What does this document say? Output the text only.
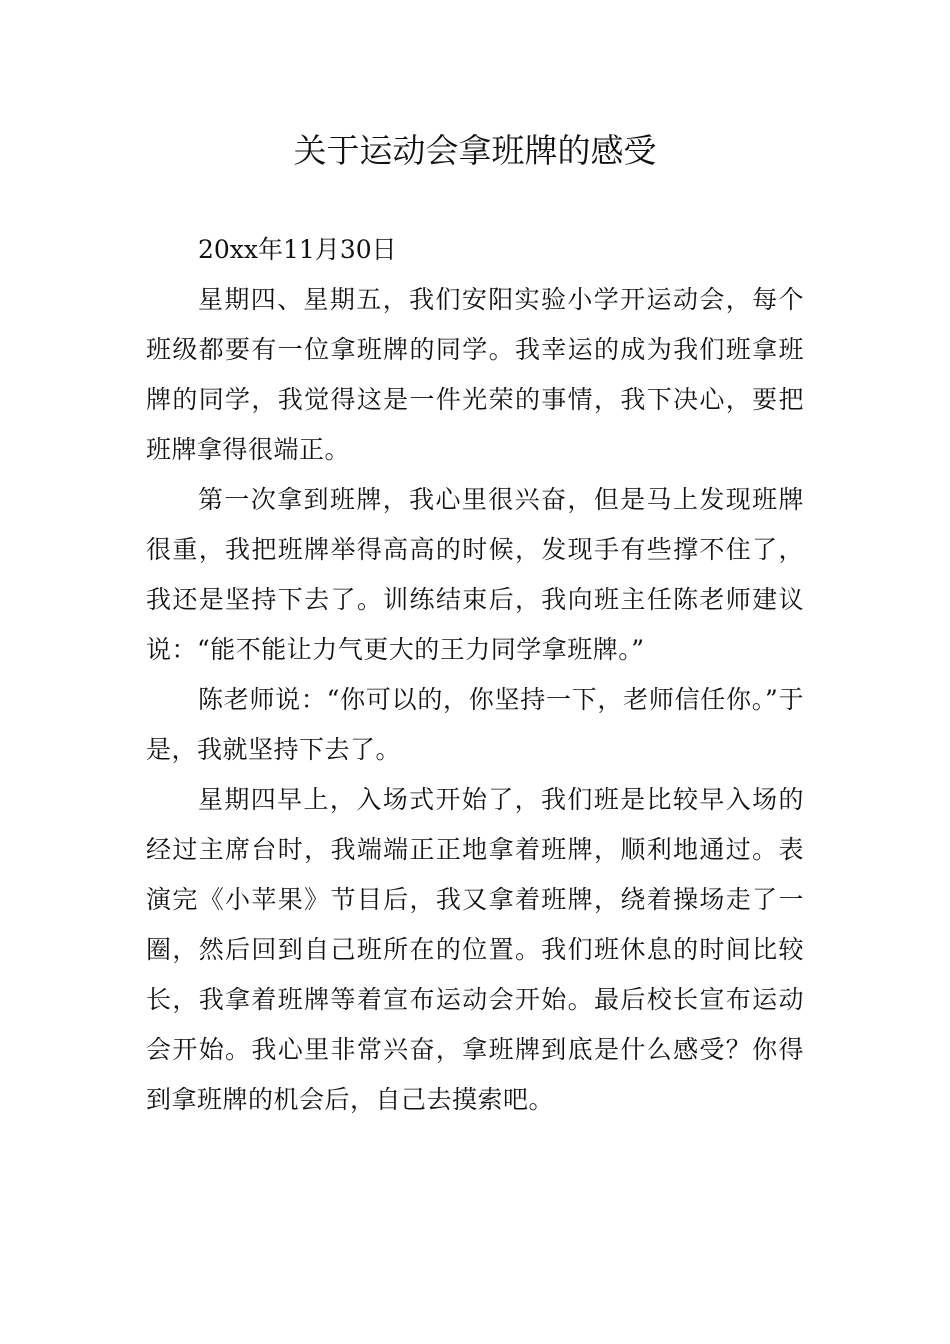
关于运动会拿班牌的感受

20xx年11月30日

星期四、星期五，我们安阳实验小学开运动会，每个班级都要有一位拿班牌的同学。我幸运的成为我们班拿班牌的同学，我觉得这是一件光荣的事情，我下决心，要把班牌拿得很端正。

第一次拿到班牌，我心里很兴奋，但是马上发现班牌很重，我把班牌举得高高的时候，发现手有些撑不住了，我还是坚持下去了。训练结束后，我向班主任陈老师建议说：“能不能让力气更大的王力同学拿班牌。”

陈老师说：“你可以的，你坚持一下，老师信任你。”于是，我就坚持下去了。

星期四早上，入场式开始了，我们班是比较早入场的经过主席台时，我端端正正地拿着班牌，顺利地通过。表演完《小苹果》节目后，我又拿着班牌，绕着操场走了一圈，然后回到自己班所在的位置。我们班休息的时间比较长，我拿着班牌等着宣布运动会开始。最后校长宣布运动会开始。我心里非常兴奋，拿班牌到底是什么感受？你得到拿班牌的机会后，自己去摸索吧。
